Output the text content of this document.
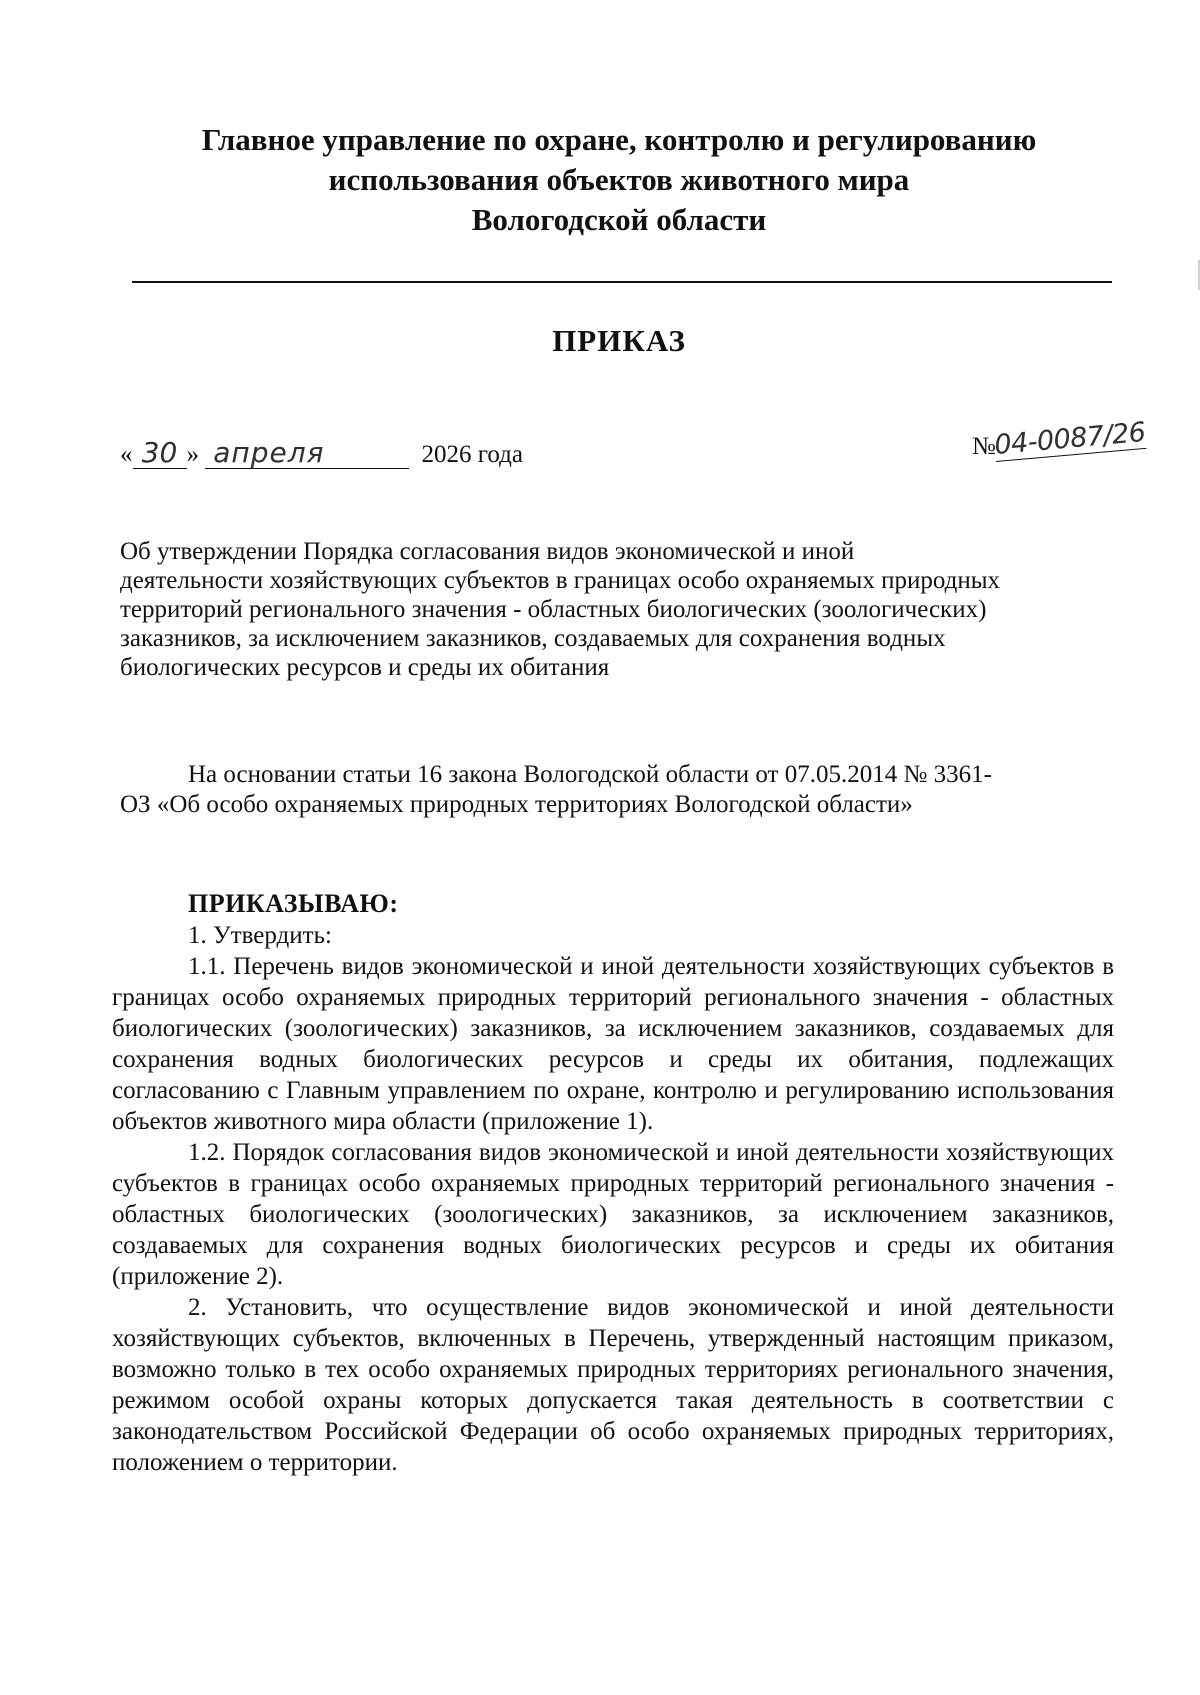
Главное управление по охране, контролю и регулированию
использования объектов животного мира
Вологодской области
ПРИКАЗ
« 30 » апреля	2026 года	№04-0087/26
Об утверждении Порядка согласования видов экономической и иной
деятельности хозяйствующих субъектов в границах особо охраняемых природных
территорий регионального значения - областных биологических (зоологических)
заказников, за исключением заказников, создаваемых для сохранения водных
биологических ресурсов и среды их обитания
На основании статьи 16 закона Вологодской области от 07.05.2014 № 3361-
ОЗ «Об особо охраняемых природных территориях Вологодской области»
ПРИКАЗЫВАЮ:

1. Утвердить:

1.1. Перечень видов экономической и иной деятельности хозяйствующих субъектов в границах особо охраняемых природных территорий регионального значения - областных биологических (зоологических) заказников, за исключением заказников, создаваемых для сохранения водных биологических ресурсов и среды их обитания, подлежащих согласованию с Главным управлением по охране, контролю и регулированию использования объектов животного мира области (приложение 1).

1.2. Порядок согласования видов экономической и иной деятельности хозяйствующих субъектов в границах особо охраняемых природных территорий регионального значения - областных биологических (зоологических) заказников, за исключением заказников, создаваемых для сохранения водных биологических ресурсов и среды их обитания (приложение 2).

2. Установить, что осуществление видов экономической и иной деятельности хозяйствующих субъектов, включенных в Перечень, утвержденный настоящим приказом, возможно только в тех особо охраняемых природных территориях регионального значения, режимом особой охраны которых допускается такая деятельность в соответствии с законодательством Российской Федерации об особо охраняемых природных территориях, положением о территории.
